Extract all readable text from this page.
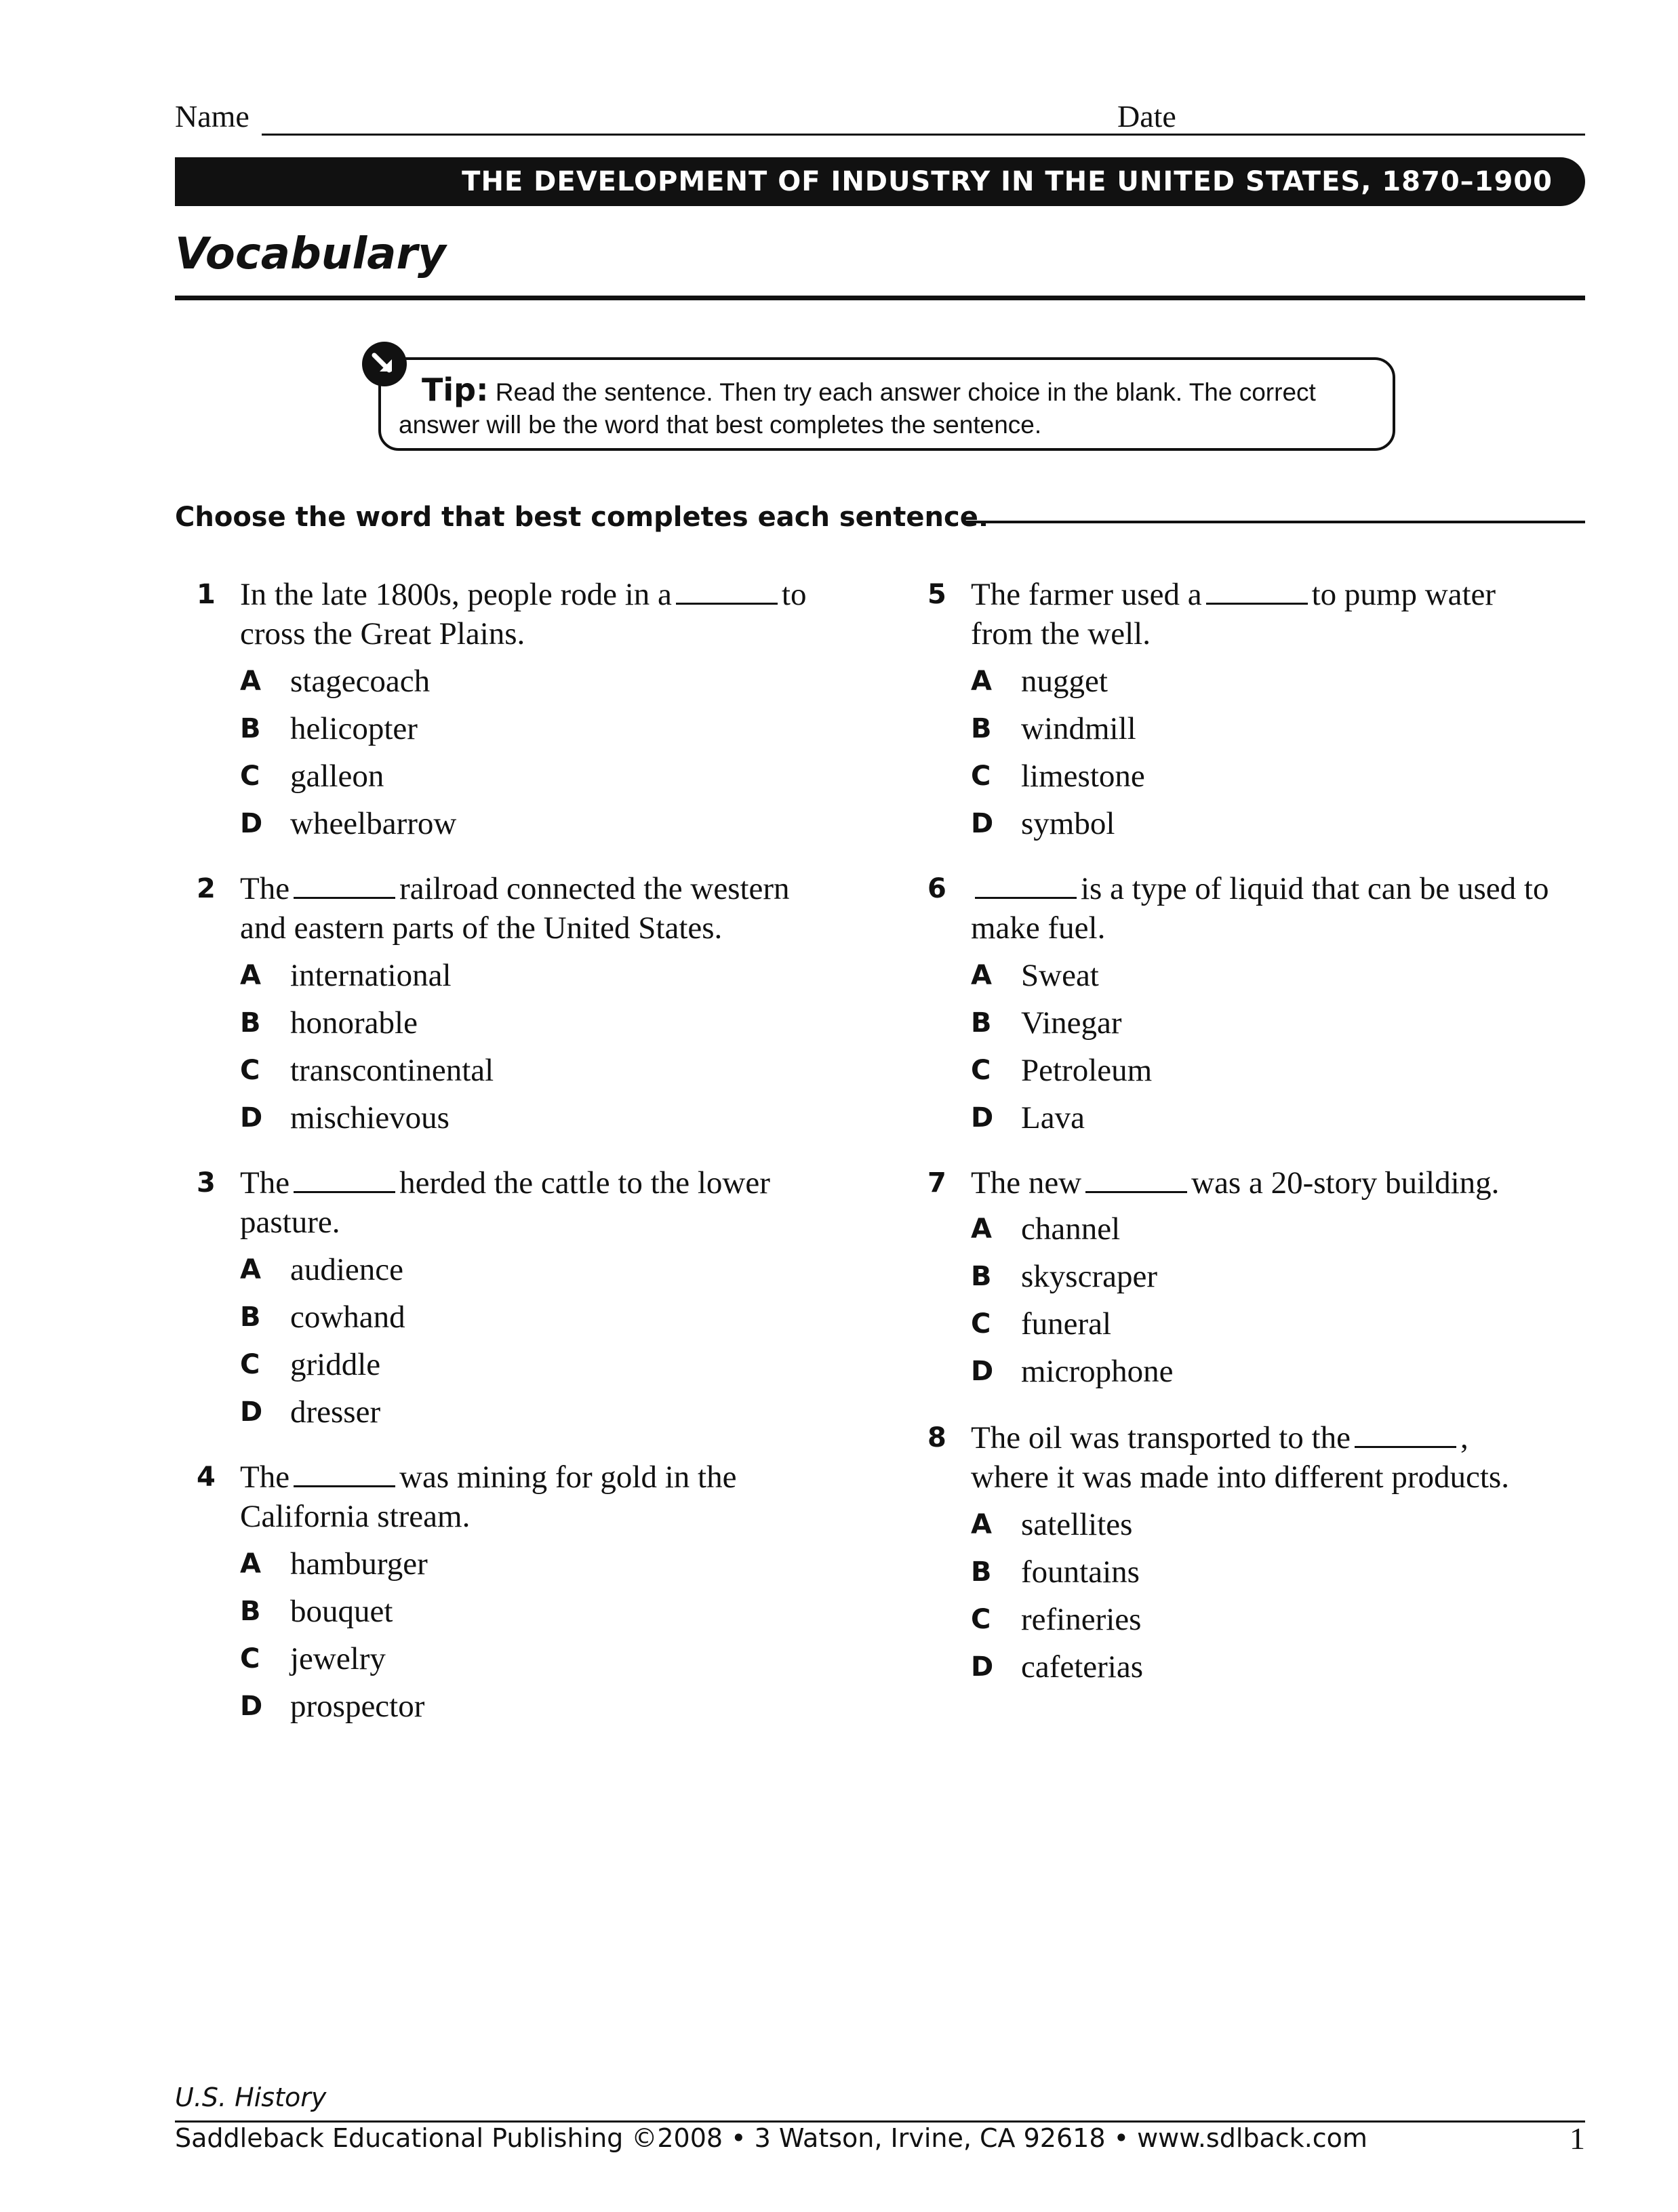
Name	Date
THE DEVELOPMENT OF INDUSTRY IN THE UNITED STATES, 1870–1900
Vocabulary
Tip: Read the sentence. Then try each answer choice in the blank. The correct answer will be the word that best completes the sentence.
Choose the word that best completes each sentence.
1 In the late 1800s, people rode in a	to cross the Great Plains.
A stagecoach
B helicopter
C galleon
D wheelbarrow
2 The	railroad connected the western and eastern parts of the United States.
A international
B honorable
C transcontinental
D mischievous
3 The	herded the cattle to the lower pasture.
A audience
B cowhand
C griddle
D dresser
4 The	was mining for gold in the California stream.
A hamburger
B bouquet
C jewelry
D prospector
5 The farmer used a	to pump water from the well.
A nugget
B windmill
C limestone
D symbol
6	is a type of liquid that can be used to make fuel.
A Sweat
B Vinegar
C Petroleum
D Lava
7 The new	was a 20-story building.
A channel
B skyscraper
C funeral
D microphone
8 The oil was transported to the	, where it was made into different products.
A satellites
B fountains
C refineries
D cafeterias
U.S. History
Saddleback Educational Publishing ©2008 • 3 Watson, Irvine, CA 92618 • www.sdlback.com	1
